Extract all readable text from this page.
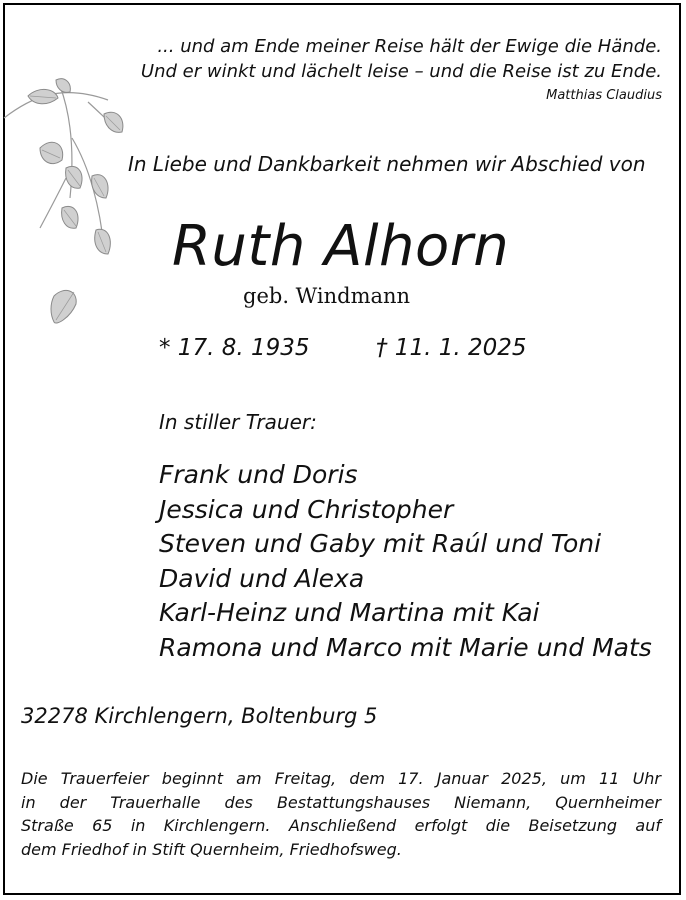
... und am Ende meiner Reise hält der Ewige die Hände.
Und er winkt und lächelt leise – und die Reise ist zu Ende.
Matthias Claudius
In Liebe und Dankbarkeit nehmen wir Abschied von
Ruth Alhorn
geb. Windmann
* 17. 8. 1935	† 11. 1. 2025
In stiller Trauer:
Frank und Doris
Jessica und Christopher
Steven und Gaby mit Raúl und Toni
David und Alexa
Karl-Heinz und Martina mit Kai
Ramona und Marco mit Marie und Mats
32278 Kirchlengern, Boltenburg 5
Die Trauerfeier beginnt am Freitag, dem 17. Januar 2025, um 11 Uhr
in der Trauerhalle des Bestattungshauses Niemann, Quernheimer
Straße 65 in Kirchlengern. Anschließend erfolgt die Beisetzung auf
dem Friedhof in Stift Quernheim, Friedhofsweg.
